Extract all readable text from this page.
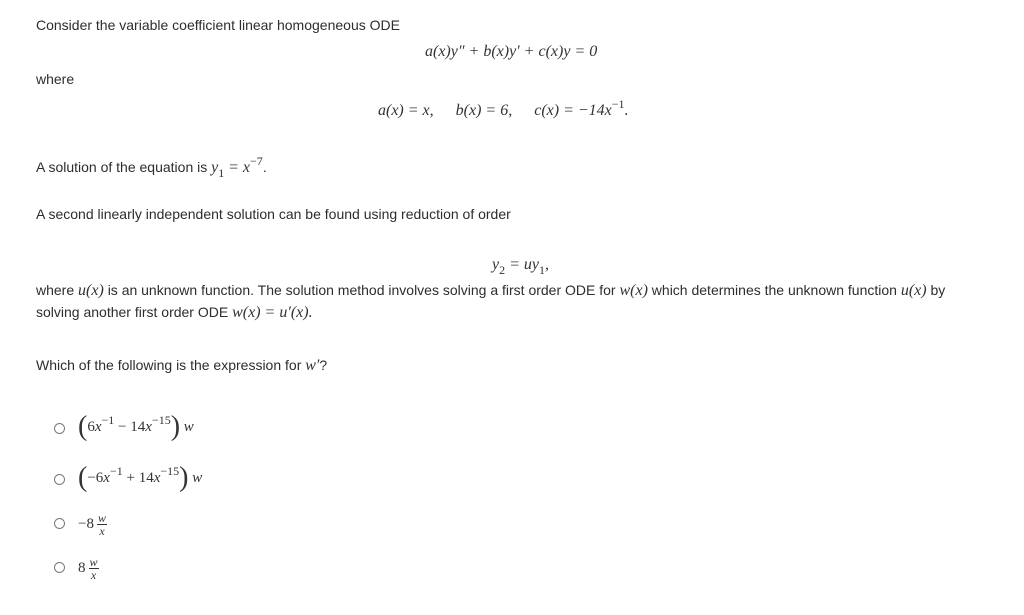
Consider the variable coefficient linear homogeneous ODE
a(x)y″ + b(x)y′ + c(x)y = 0
where
a(x) = x, b(x) = 6, $c(x) = -14x^{-1}$.
A solution of the equation is y1 = x−7.
A second linearly independent solution can be found using reduction of order
$y_2 = uy_1$,
where u(x) is an unknown function. The solution method involves solving a first order ODE for w(x) which determines the unknown function u(x) by
solving another first order ODE w(x) = u′(x).
Which of the following is the expression for w′?
$(6x^{-1} - 14x^{-15})$ w
$(-6x^{-1} + 14x^{-15})$ w
$-8 \frac{w}{x}$
$8 \frac{w}{x}$
